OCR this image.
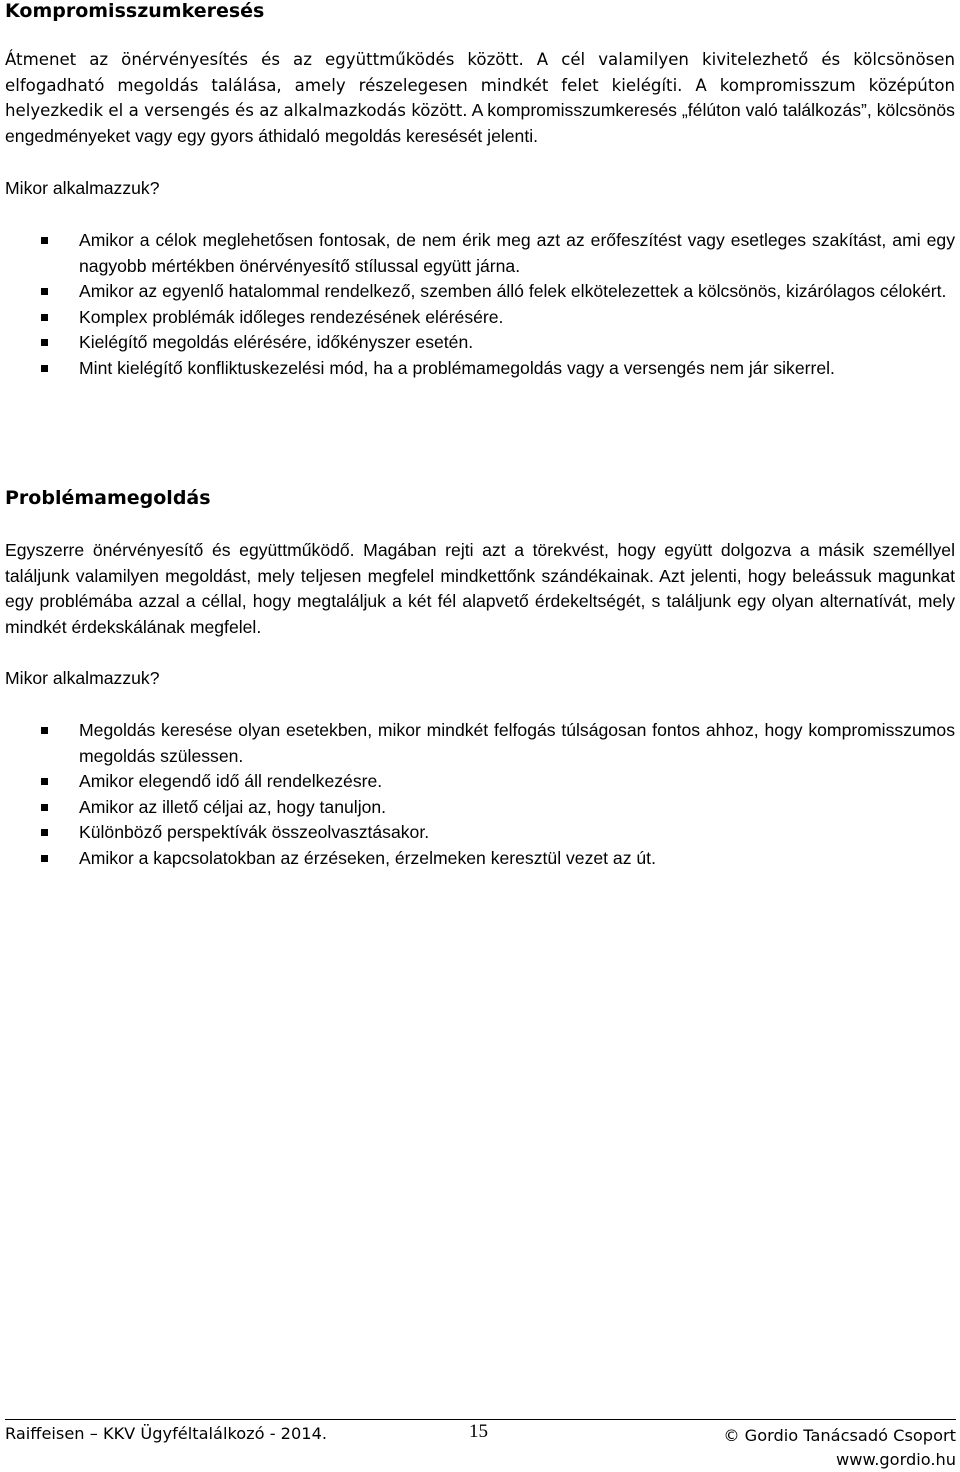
Kompromisszumkeresés
Átmenet az önérvényesítés és az együttműködés között. A cél valamilyen kivitelezhető és kölcsönösen elfogadható megoldás találása, amely részelegesen mindkét felet kielégíti. A kompromisszum középúton helyezkedik el a versengés és az alkalmazkodás között. A kompromisszumkeresés „félúton való találkozás”, kölcsönös engedményeket vagy egy gyors áthidaló megoldás keresését jelenti.
Mikor alkalmazzuk?
Amikor a célok meglehetősen fontosak, de nem érik meg azt az erőfeszítést vagy esetleges szakítást, ami egy nagyobb mértékben önérvényesítő stílussal együtt járna.
Amikor az egyenlő hatalommal rendelkező, szemben álló felek elkötelezettek a kölcsönös, kizárólagos célokért.
Komplex problémák időleges rendezésének elérésére.
Kielégítő megoldás elérésére, időkényszer esetén.
Mint kielégítő konfliktuskezelési mód, ha a problémamegoldás vagy a versengés nem jár sikerrel.
Problémamegoldás
Egyszerre önérvényesítő és együttműködő. Magában rejti azt a törekvést, hogy együtt dolgozva a másik személlyel találjunk valamilyen megoldást, mely teljesen megfelel mindkettőnk szándékainak. Azt jelenti, hogy beleássuk magunkat egy problémába azzal a céllal, hogy megtaláljuk a két fél alapvető érdekeltségét, s találjunk egy olyan alternatívát, mely mindkét érdekskálának megfelel.
Mikor alkalmazzuk?
Megoldás keresése olyan esetekben, mikor mindkét felfogás túlságosan fontos ahhoz, hogy kompromisszumos megoldás szülessen.
Amikor elegendő idő áll rendelkezésre.
Amikor az illető céljai az, hogy tanuljon.
Különböző perspektívák összeolvasztásakor.
Amikor a kapcsolatokban az érzéseken, érzelmeken keresztül vezet az út.
Raiffeisen – KKV Ügyféltalálkozó - 2014.	15	© Gordio Tanácsadó Csoport
www.gordio.hu
